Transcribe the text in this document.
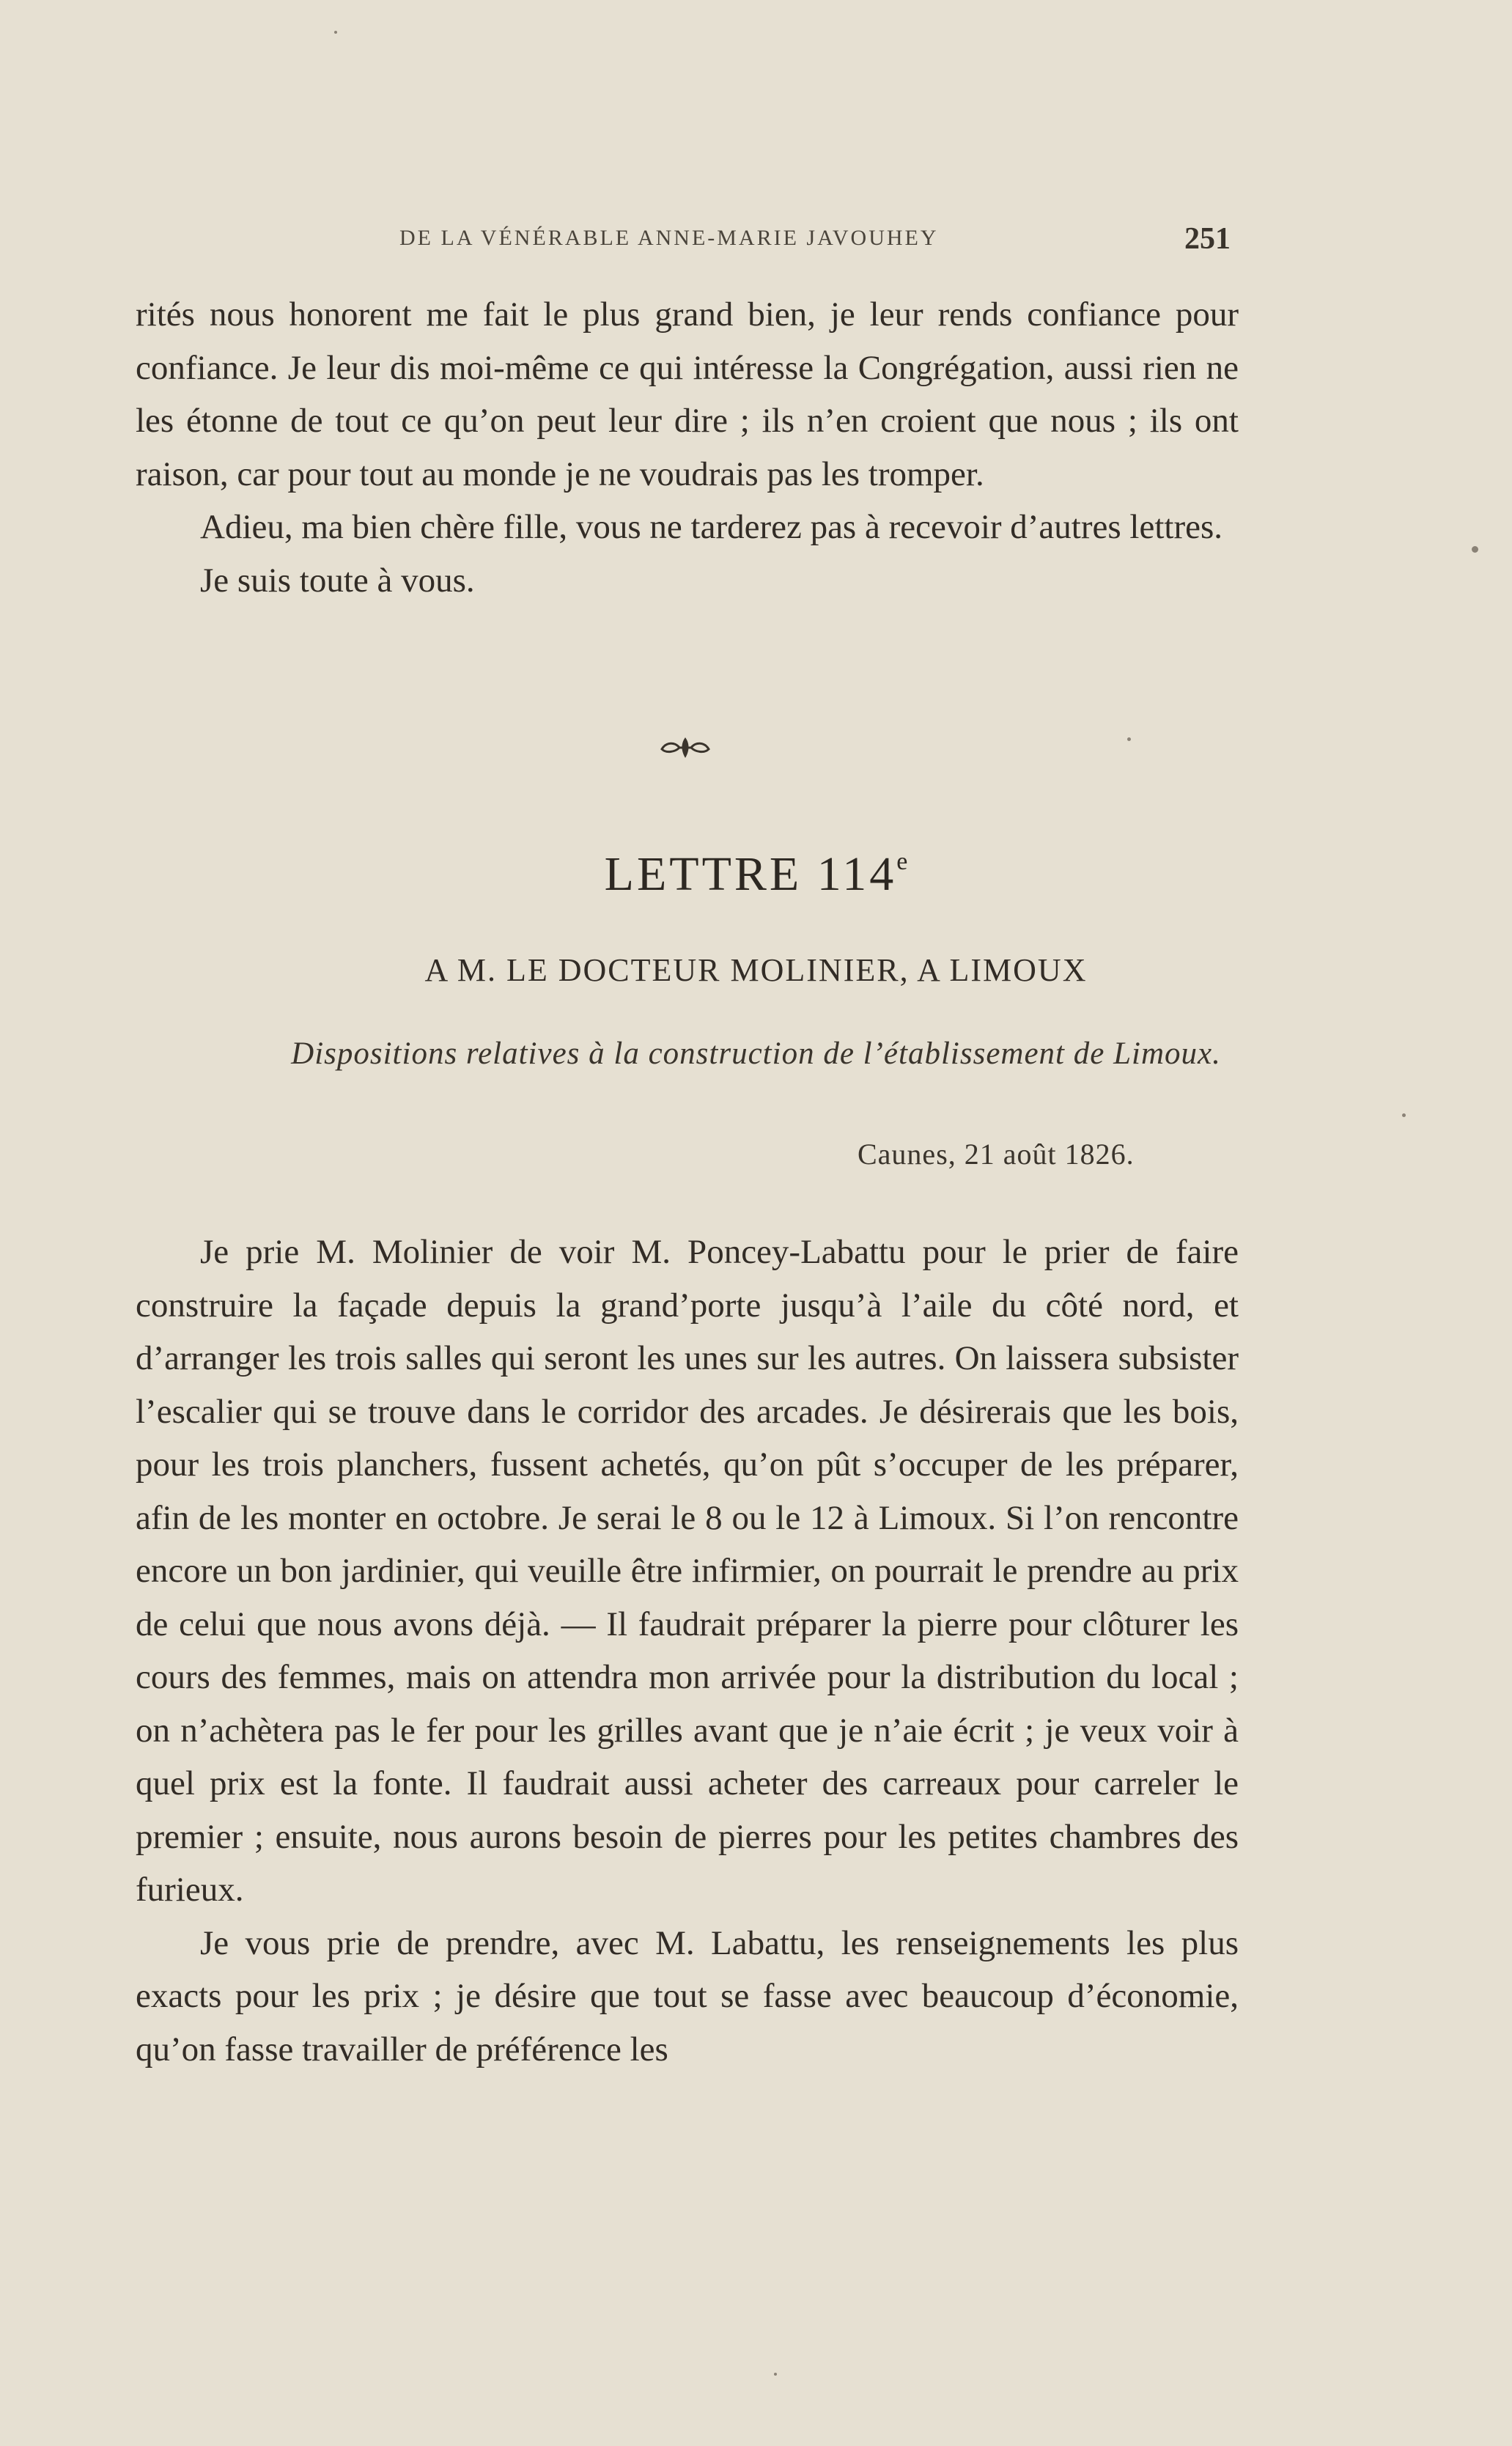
DE LA VÉNÉRABLE ANNE-MARIE JAVOUHEY	251

rités nous honorent me fait le plus grand bien, je leur rends confiance pour confiance. Je leur dis moi-même ce qui intéresse la Congrégation, aussi rien ne les étonne de tout ce qu’on peut leur dire ; ils n’en croient que nous ; ils ont raison, car pour tout au monde je ne voudrais pas les tromper.

Adieu, ma bien chère fille, vous ne tarderez pas à recevoir d’autres lettres.

Je suis toute à vous.

LETTRE 114e
A M. LE DOCTEUR MOLINIER, A LIMOUX
Dispositions relatives à la construction de l’établissement de Limoux.
Caunes, 21 août 1826.

Je prie M. Molinier de voir M. Poncey-Labattu pour le prier de faire construire la façade depuis la grand’porte jusqu’à l’aile du côté nord, et d’arranger les trois salles qui seront les unes sur les autres. On laissera subsister l’escalier qui se trouve dans le corridor des arcades. Je désirerais que les bois, pour les trois planchers, fussent achetés, qu’on pût s’occuper de les préparer, afin de les monter en octobre. Je serai le 8 ou le 12 à Limoux. Si l’on rencontre encore un bon jardinier, qui veuille être infirmier, on pourrait le prendre au prix de celui que nous avons déjà. — Il faudrait préparer la pierre pour clôturer les cours des femmes, mais on attendra mon arrivée pour la distribution du local ; on n’achètera pas le fer pour les grilles avant que je n’aie écrit ; je veux voir à quel prix est la fonte. Il faudrait aussi acheter des carreaux pour carreler le premier ; ensuite, nous aurons besoin de pierres pour les petites chambres des furieux.

Je vous prie de prendre, avec M. Labattu, les renseignements les plus exacts pour les prix ; je désire que tout se fasse avec beaucoup d’économie, qu’on fasse travailler de préférence les
